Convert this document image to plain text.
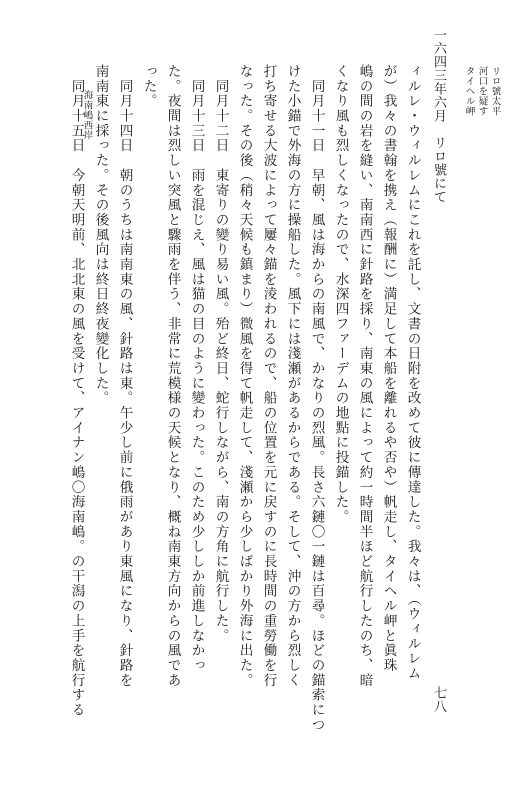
一六四三年六月　リロ號にて
七八
リロ號太平
河口を疑す
タイヘル岬
海南嶋西岸	ィルレ・ウィルレムにこれを託し、文書の日附を改めて彼に傳達した。我々は、（ウィルレム
が）我々の書翰を携え（報酬に）満足して本船を離れるや否や）帆走し、タイヘル岬と眞珠
嶋の間の岩を縫い、南南西に針路を採り、南東の風によって約一時間半ほど航行したのち、暗
くなり風も烈しくなったので、水深四ファーデムの地點に投錨した。
　同月十一日　早朝、風は海からの南風で、かなりの烈風。長さ六鏈〇一鏈は百尋。ほどの錨索につ
けた小錨で外海の方に操船した。風下には淺瀬があるからである。そして、沖の方から烈しく
打ち寄せる大波によって屢々錨を淩われるので、船の位置を元に戻すのに長時間の重勞働を行
なった。その後（稍々天候も鎮まり）微風を得て帆走して、淺瀬から少しばかり外海に出た。
　同月十二日　東寄りの變り易い風。殆ど終日、蛇行しながら、南の方角に航行した。
　同月十三日　雨を混じえ、風は猫の目のように變わった。このため少ししか前進しなかっ
た。夜間は烈しい突風と驟雨を伴う、非常に荒模様の天候となり、概ね南東方向からの風であ
った。
　同月十四日　朝のうちは南南東の風、針路は東。午少し前に俄雨があり東風になり、針路を
南南東に採った。その後風向は終日終夜變化した。
　同月十五日　今朝天明前、北北東の風を受けて、アイナン嶋〇海南嶋。の干潟の上手を航行する
